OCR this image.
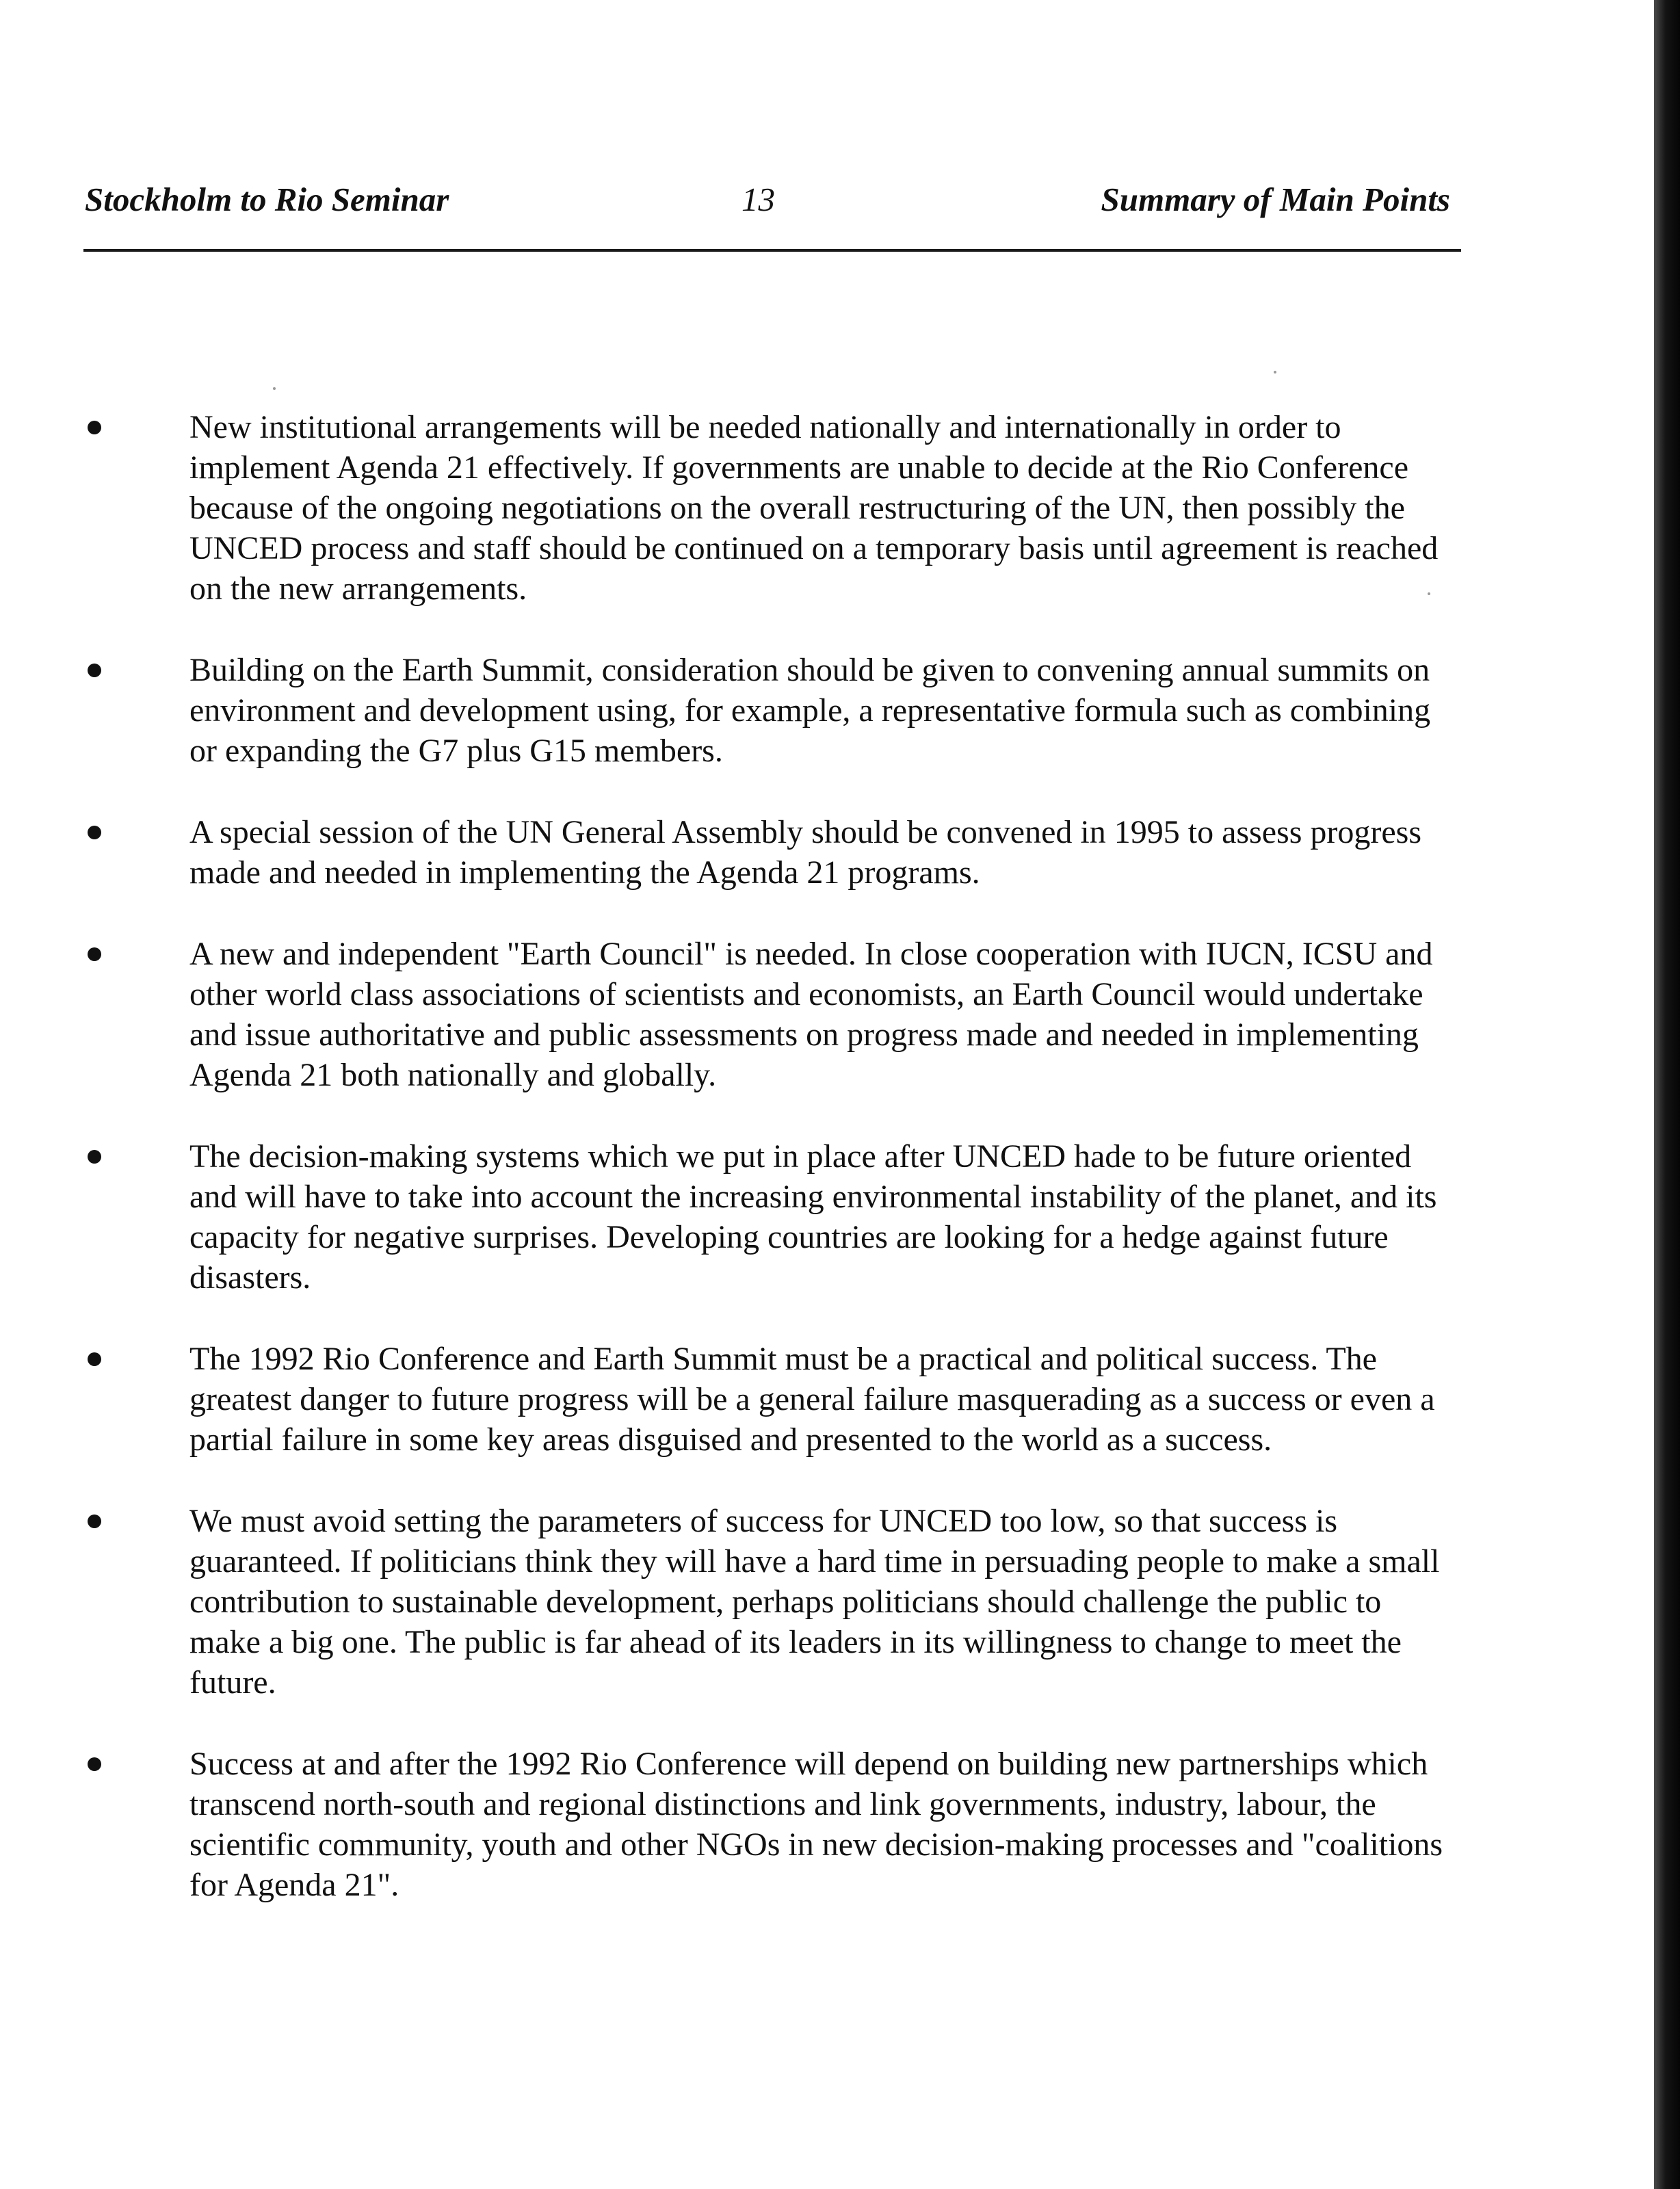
Stockholm to Rio Seminar	13	Summary of Main Points
New institutional arrangements will be needed nationally and internationally in order to implement Agenda 21 effectively. If governments are unable to decide at the Rio Conference because of the ongoing negotiations on the overall restructuring of the UN, then possibly the UNCED process and staff should be continued on a temporary basis until agreement is reached on the new arrangements.
Building on the Earth Summit, consideration should be given to convening annual summits on environment and development using, for example, a representative formula such as combining or expanding the G7 plus G15 members.
A special session of the UN General Assembly should be convened in 1995 to assess progress made and needed in implementing the Agenda 21 programs.
A new and independent "Earth Council" is needed. In close cooperation with IUCN, ICSU and other world class associations of scientists and economists, an Earth Council would undertake and issue authoritative and public assessments on progress made and needed in implementing Agenda 21 both nationally and globally.
The decision-making systems which we put in place after UNCED hade to be future oriented and will have to take into account the increasing environmental instability of the planet, and its capacity for negative surprises. Developing countries are looking for a hedge against future disasters.
The 1992 Rio Conference and Earth Summit must be a practical and political success. The greatest danger to future progress will be a general failure masquerading as a success or even a partial failure in some key areas disguised and presented to the world as a success.
We must avoid setting the parameters of success for UNCED too low, so that success is guaranteed. If politicians think they will have a hard time in persuading people to make a small contribution to sustainable development, perhaps politicians should challenge the public to make a big one. The public is far ahead of its leaders in its willingness to change to meet the future.
Success at and after the 1992 Rio Conference will depend on building new partnerships which transcend north-south and regional distinctions and link governments, industry, labour, the scientific community, youth and other NGOs in new decision-making processes and "coalitions for Agenda 21".
